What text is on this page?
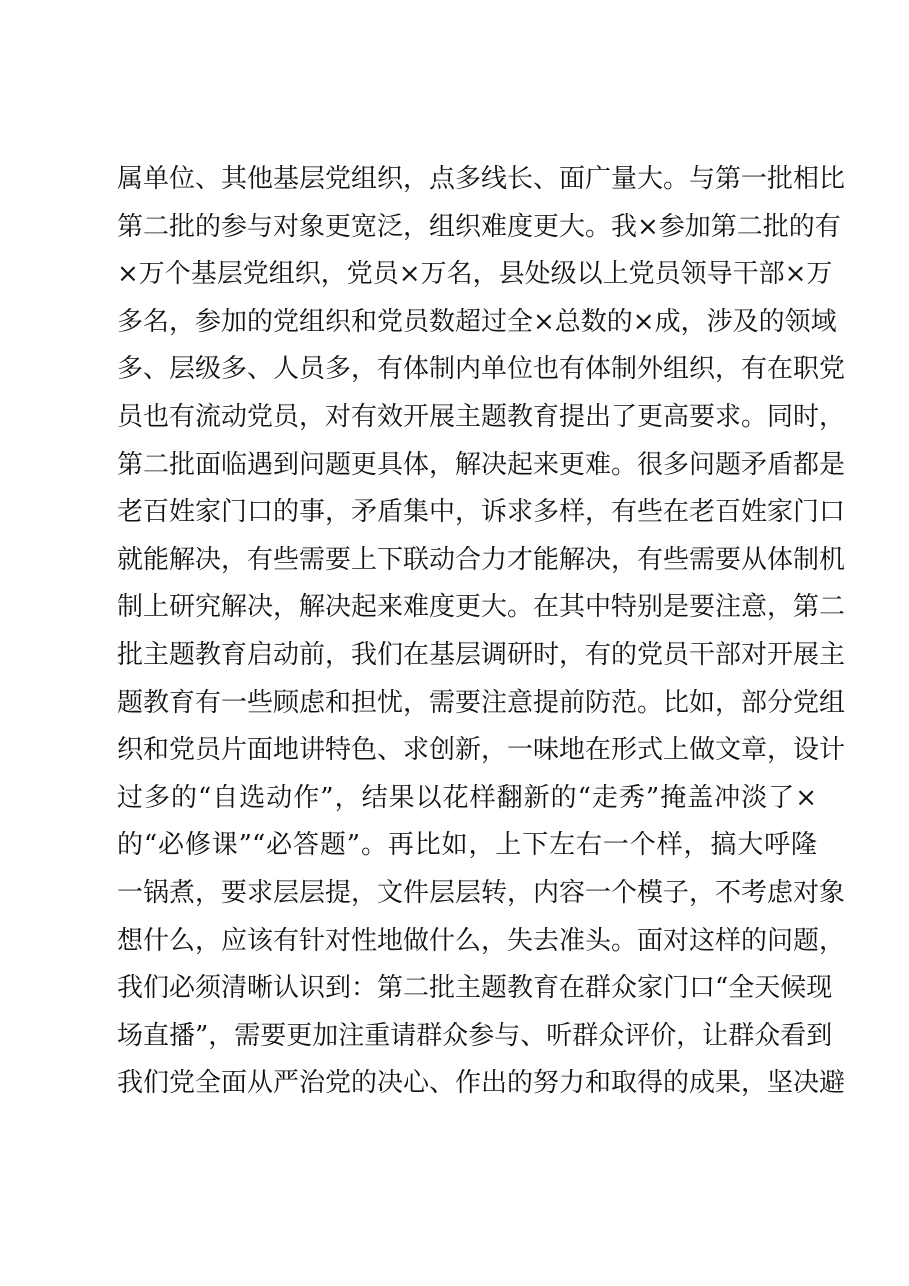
属单位、其他基层党组织，点多线长、面广量大。与第一批相比
第二批的参与对象更宽泛，组织难度更大。我×参加第二批的有
×万个基层党组织，党员×万名，县处级以上党员领导干部×万
多名，参加的党组织和党员数超过全×总数的×成，涉及的领域
多、层级多、人员多，有体制内单位也有体制外组织，有在职党
员也有流动党员，对有效开展主题教育提出了更高要求。同时，
第二批面临遇到问题更具体，解决起来更难。很多问题矛盾都是
老百姓家门口的事，矛盾集中，诉求多样，有些在老百姓家门口
就能解决，有些需要上下联动合力才能解决，有些需要从体制机
制上研究解决，解决起来难度更大。在其中特别是要注意，第二
批主题教育启动前，我们在基层调研时，有的党员干部对开展主
题教育有一些顾虑和担忧，需要注意提前防范。比如，部分党组
织和党员片面地讲特色、求创新，一味地在形式上做文章，设计
过多的“自选动作”，结果以花样翻新的“走秀”掩盖冲淡了×
的“必修课”“必答题”。再比如，上下左右一个样，搞大呼隆
一锅煮，要求层层提，文件层层转，内容一个模子，不考虑对象
想什么，应该有针对性地做什么，失去准头。面对这样的问题，
我们必须清晰认识到：第二批主题教育在群众家门口“全天候现
场直播”，需要更加注重请群众参与、听群众评价，让群众看到
我们党全面从严治党的决心、作出的努力和取得的成果，坚决避
